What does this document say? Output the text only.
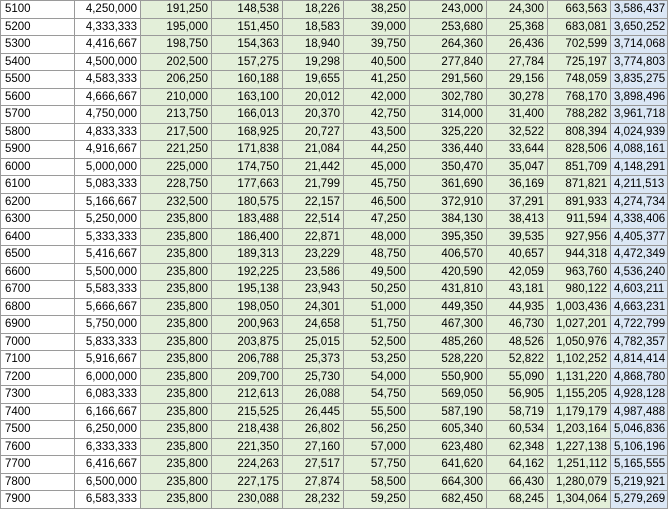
5100	4,250,000	191,250	148,538	18,226	38,250	243,000	24,300	663,563	3,586,437
5200	4,333,333	195,000	151,450	18,583	39,000	253,680	25,368	683,081	3,650,252
5300	4,416,667	198,750	154,363	18,940	39,750	264,360	26,436	702,599	3,714,068
5400	4,500,000	202,500	157,275	19,298	40,500	277,840	27,784	725,197	3,774,803
5500	4,583,333	206,250	160,188	19,655	41,250	291,560	29,156	748,059	3,835,275
5600	4,666,667	210,000	163,100	20,012	42,000	302,780	30,278	768,170	3,898,496
5700	4,750,000	213,750	166,013	20,370	42,750	314,000	31,400	788,282	3,961,718
5800	4,833,333	217,500	168,925	20,727	43,500	325,220	32,522	808,394	4,024,939
5900	4,916,667	221,250	171,838	21,084	44,250	336,440	33,644	828,506	4,088,161
6000	5,000,000	225,000	174,750	21,442	45,000	350,470	35,047	851,709	4,148,291
6100	5,083,333	228,750	177,663	21,799	45,750	361,690	36,169	871,821	4,211,513
6200	5,166,667	232,500	180,575	22,157	46,500	372,910	37,291	891,933	4,274,734
6300	5,250,000	235,800	183,488	22,514	47,250	384,130	38,413	911,594	4,338,406
6400	5,333,333	235,800	186,400	22,871	48,000	395,350	39,535	927,956	4,405,377
6500	5,416,667	235,800	189,313	23,229	48,750	406,570	40,657	944,318	4,472,349
6600	5,500,000	235,800	192,225	23,586	49,500	420,590	42,059	963,760	4,536,240
6700	5,583,333	235,800	195,138	23,943	50,250	431,810	43,181	980,122	4,603,211
6800	5,666,667	235,800	198,050	24,301	51,000	449,350	44,935	1,003,436	4,663,231
6900	5,750,000	235,800	200,963	24,658	51,750	467,300	46,730	1,027,201	4,722,799
7000	5,833,333	235,800	203,875	25,015	52,500	485,260	48,526	1,050,976	4,782,357
7100	5,916,667	235,800	206,788	25,373	53,250	528,220	52,822	1,102,252	4,814,414
7200	6,000,000	235,800	209,700	25,730	54,000	550,900	55,090	1,131,220	4,868,780
7300	6,083,333	235,800	212,613	26,088	54,750	569,050	56,905	1,155,205	4,928,128
7400	6,166,667	235,800	215,525	26,445	55,500	587,190	58,719	1,179,179	4,987,488
7500	6,250,000	235,800	218,438	26,802	56,250	605,340	60,534	1,203,164	5,046,836
7600	6,333,333	235,800	221,350	27,160	57,000	623,480	62,348	1,227,138	5,106,196
7700	6,416,667	235,800	224,263	27,517	57,750	641,620	64,162	1,251,112	5,165,555
7800	6,500,000	235,800	227,175	27,874	58,500	664,300	66,430	1,280,079	5,219,921
7900	6,583,333	235,800	230,088	28,232	59,250	682,450	68,245	1,304,064	5,279,269
